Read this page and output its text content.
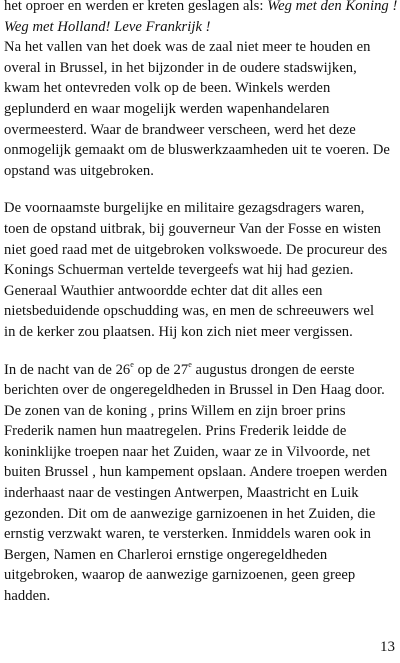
het oproer en werden er kreten geslagen als: Weg met den Koning !
Weg met Holland! Leve Frankrijk !
Na het vallen van het doek was de zaal niet meer te houden en
overal in Brussel, in het bijzonder in de oudere stadswijken,
kwam het ontevreden volk op de been. Winkels werden
geplunderd en waar mogelijk werden wapenhandelaren
overmeesterd. Waar de brandweer verscheen, werd het deze
onmogelijk gemaakt om de bluswerkzaamheden uit te voeren. De
opstand was uitgebroken.
De voornaamste burgelijke en militaire gezagsdragers waren,
toen de opstand uitbrak, bij gouverneur Van der Fosse en wisten
niet goed raad met de uitgebroken volkswoede. De procureur des
Konings Schuerman vertelde tevergeefs wat hij had gezien.
Generaal Wauthier antwoordde echter dat dit alles een
nietsbeduidende opschudding was, en men de schreeuwers wel
in de kerker zou plaatsen. Hij kon zich niet meer vergissen.
In de nacht van de 26e op de 27e augustus drongen de eerste
berichten over de ongeregeldheden in Brussel in Den Haag door.
De zonen van de koning , prins Willem en zijn broer prins
Frederik namen hun maatregelen. Prins Frederik leidde de
koninklijke troepen naar het Zuiden, waar ze in Vilvoorde, net
buiten Brussel , hun kampement opslaan. Andere troepen werden
inderhaast naar de vestingen Antwerpen, Maastricht en Luik
gezonden. Dit om de aanwezige garnizoenen in het Zuiden, die
ernstig verzwakt waren, te versterken. Inmiddels waren ook in
Bergen, Namen en Charleroi ernstige ongeregeldheden
uitgebroken, waarop de aanwezige garnizoenen, geen greep
hadden.
13
